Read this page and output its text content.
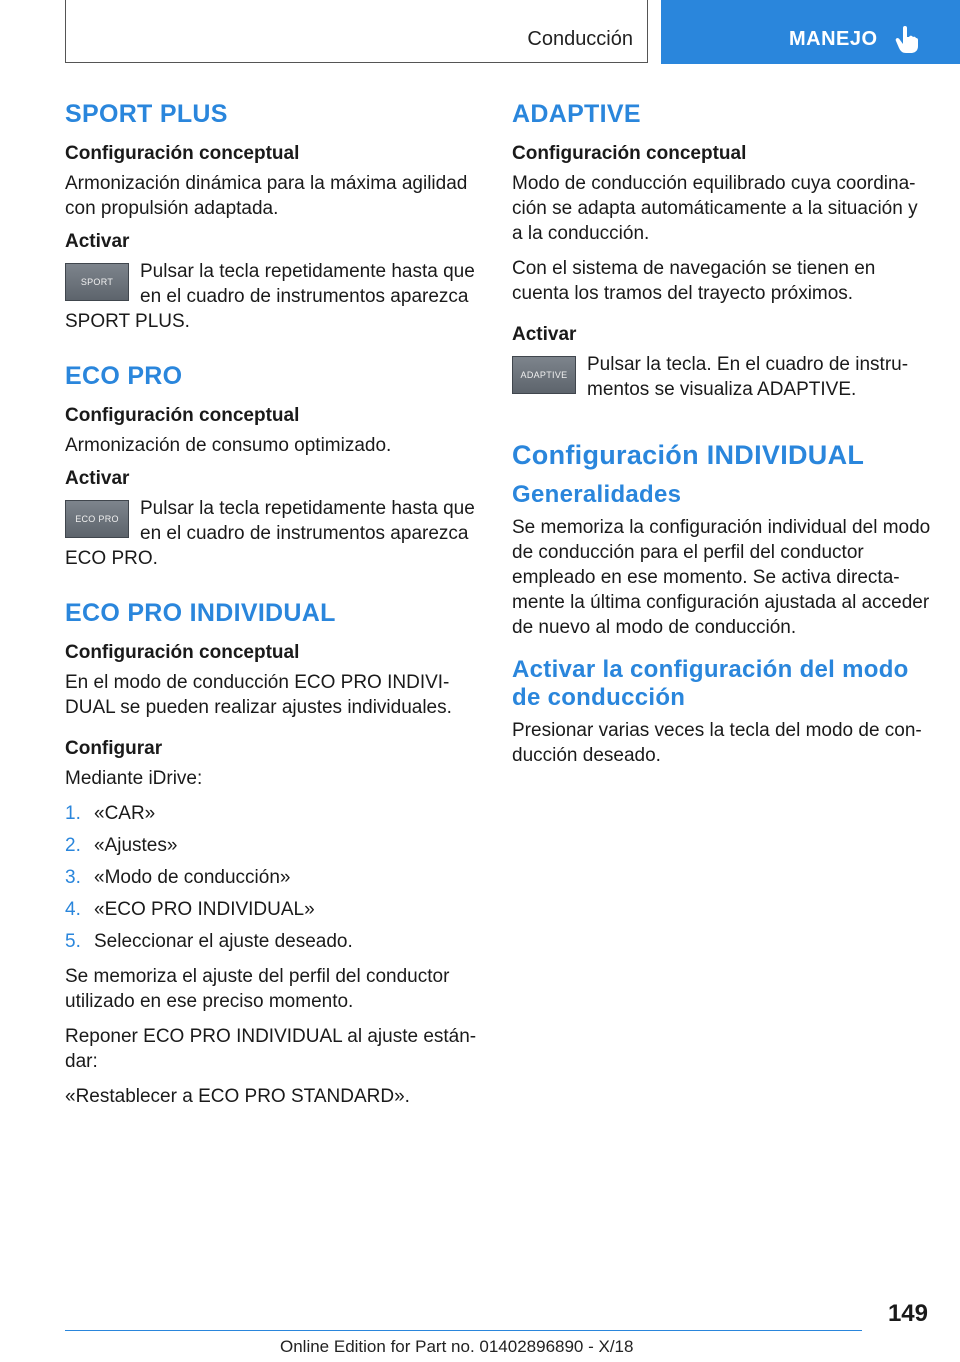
Conducción	MANEJO
SPORT PLUS
Configuración conceptual

Armonización dinámica para la máxima agilidad con propulsión adaptada.

Activar
SPORT	Pulsar la tecla repetidamente hasta que en el cuadro de instrumentos aparezca SPORT PLUS.

ECO PRO
Configuración conceptual

Armonización de consumo optimizado.

Activar
ECO PRO	Pulsar la tecla repetidamente hasta que en el cuadro de instrumentos aparezca ECO PRO.

ECO PRO INDIVIDUAL
Configuración conceptual

En el modo de conducción ECO PRO INDIVI-DUAL se pueden realizar ajustes individuales.

Configurar

Mediante iDrive:

1. «CAR»
2. «Ajustes»
3. «Modo de conducción»
4. «ECO PRO INDIVIDUAL»
5. Seleccionar el ajuste deseado.

Se memoriza el ajuste del perfil del conductor utilizado en ese preciso momento.

Reponer ECO PRO INDIVIDUAL al ajuste están-dar:

«Restablecer a ECO PRO STANDARD».

ADAPTIVE
Configuración conceptual

Modo de conducción equilibrado cuya coordina-ción se adapta automáticamente a la situación y a la conducción.

Con el sistema de navegación se tienen en cuenta los tramos del trayecto próximos.

Activar
ADAPTIVE	Pulsar la tecla. En el cuadro de instru-mentos se visualiza ADAPTIVE.

Configuración INDIVIDUAL
Generalidades

Se memoriza la configuración individual del modo de conducción para el perfil del conductor empleado en ese momento. Se activa directa-mente la última configuración ajustada al acceder de nuevo al modo de conducción.

Activar la configuración del modo de conducción

Presionar varias veces la tecla del modo de con-ducción deseado.

149
Online Edition for Part no. 01402896890 - X/18
